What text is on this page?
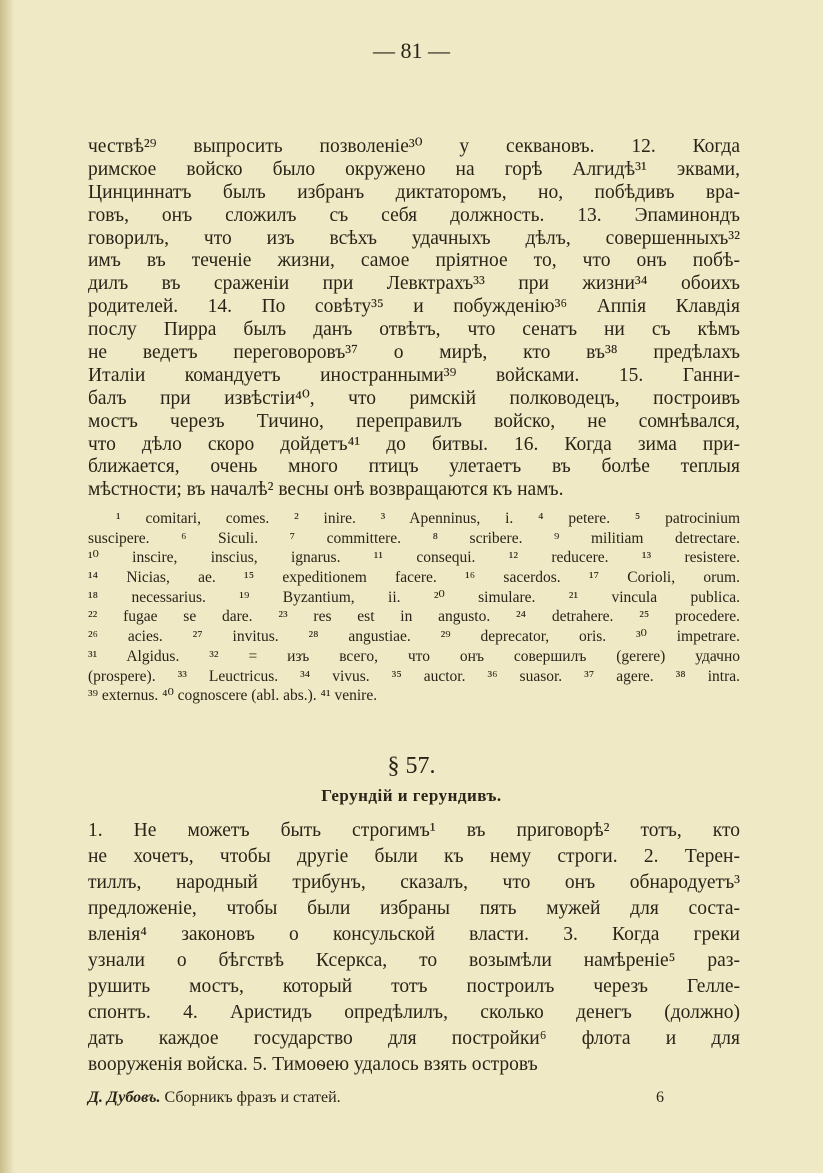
— 81 —
чествѣ²⁹ выпросить позволеніе³⁰ у секвановъ. 12. Когда
римское войско было окружено на горѣ Алгидѣ³¹ эквами,
Цинциннатъ былъ избранъ диктаторомъ, но, побѣдивъ вра-
говъ, онъ сложилъ съ себя должность. 13. Эпаминондъ
говорилъ, что изъ всѣхъ удачныхъ дѣлъ, совершенныхъ³²
имъ въ теченіе жизни, самое пріятное то, что онъ побѣ-
дилъ въ сраженіи при Левктрахъ³³ при жизни³⁴ обоихъ
родителей. 14. По совѣту³⁵ и побужденію³⁶ Аппія Клавдія
послу Пирра былъ данъ отвѣтъ, что сенатъ ни съ кѣмъ
не ведетъ переговоровъ³⁷ о мирѣ, кто въ³⁸ предѣлахъ
Италіи командуетъ иностранными³⁹ войсками. 15. Ганни-
балъ при извѣстіи⁴⁰, что римскій полководецъ, построивъ
мостъ черезъ Тичино, переправилъ войско, не сомнѣвался,
что дѣло скоро дойдетъ⁴¹ до битвы. 16. Когда зима при-
ближается, очень много птицъ улетаетъ въ болѣе теплыя
мѣстности; въ началѣ² весны онѣ возвращаются къ намъ.
¹ comitari, comes. ² inire. ³ Apenninus, i. ⁴ petere. ⁵ patrocinium
suscipere. ⁶ Siculi. ⁷ committere. ⁸ scribere. ⁹ militiam detrectare.
¹⁰ inscire, inscius, ignarus. ¹¹ consequi. ¹² reducere. ¹³ resistere.
¹⁴ Nicias, ae. ¹⁵ expeditionem facere. ¹⁶ sacerdos. ¹⁷ Corioli, orum.
¹⁸ necessarius. ¹⁹ Byzantium, ii. ²⁰ simulare. ²¹ vincula publica.
²² fugae se dare. ²³ res est in angusto. ²⁴ detrahere. ²⁵ procedere.
²⁶ acies. ²⁷ invitus. ²⁸ angustiae. ²⁹ deprecator, oris. ³⁰ impetrare.
³¹ Algidus. ³² = изъ всего, что онъ совершилъ (gerere) удачно
(prospere). ³³ Leuctricus. ³⁴ vivus. ³⁵ auctor. ³⁶ suasor. ³⁷ agere. ³⁸ intra.
³⁹ externus. ⁴⁰ cognoscere (abl. abs.). ⁴¹ venire.
§ 57.
Герундій и герундивъ.
1. Не можетъ быть строгимъ¹ въ приговорѣ² тотъ, кто
не хочетъ, чтобы другіе были къ нему строги. 2. Терен-
тиллъ, народный трибунъ, сказалъ, что онъ обнародуетъ³
предложеніе, чтобы были избраны пять мужей для соста-
вленія⁴ законовъ о консульской власти. 3. Когда греки
узнали о бѣгствѣ Ксеркса, то возымѣли намѣреніе⁵ раз-
рушить мостъ, который тотъ построилъ черезъ Гелле-
спонтъ. 4. Аристидъ опредѣлилъ, сколько денегъ (должно)
дать каждое государство для постройки⁶ флота и для
вооруженія войска. 5. Тимоѳею удалось взять островъ
Д. Дубовъ. Сборникъ фразъ и статей.	6
